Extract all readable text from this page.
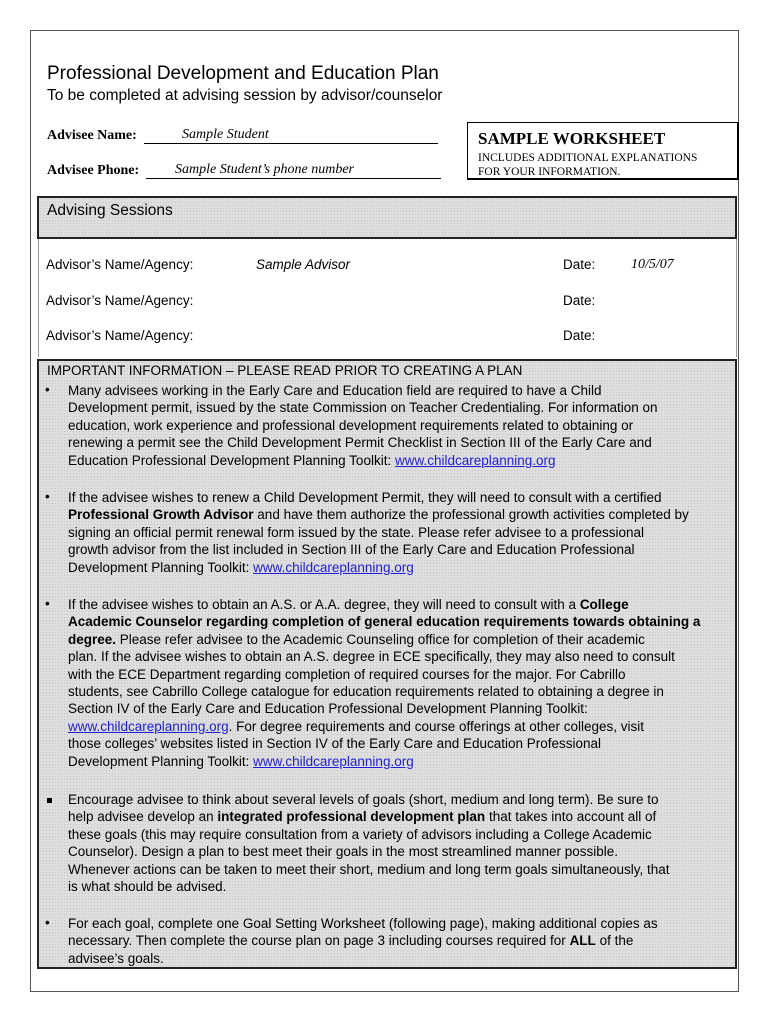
Professional Development and Education Plan
To be completed at advising session by advisor/counselor
Advisee Name:	Sample Student
Advisee Phone:	Sample Student’s phone number
SAMPLE WORKSHEET
INCLUDES ADDITIONAL EXPLANATIONS
FOR YOUR INFORMATION.
Advising Sessions
Advisor’s Name/Agency:	Sample Advisor	Date:	10/5/07
Advisor’s Name/Agency:	Date:
Advisor’s Name/Agency:	Date:
IMPORTANT INFORMATION – PLEASE READ PRIOR TO CREATING A PLAN
• Many advisees working in the Early Care and Education field are required to have a Child
Development permit, issued by the state Commission on Teacher Credentialing. For information on
education, work experience and professional development requirements related to obtaining or
renewing a permit see the Child Development Permit Checklist in Section III of the Early Care and
Education Professional Development Planning Toolkit: www.childcareplanning.org
• If the advisee wishes to renew a Child Development Permit, they will need to consult with a certified
Professional Growth Advisor and have them authorize the professional growth activities completed by
signing an official permit renewal form issued by the state. Please refer advisee to a professional
growth advisor from the list included in Section III of the Early Care and Education Professional
Development Planning Toolkit: www.childcareplanning.org
• If the advisee wishes to obtain an A.S. or A.A. degree, they will need to consult with a College
Academic Counselor regarding completion of general education requirements towards obtaining a
degree. Please refer advisee to the Academic Counseling office for completion of their academic
plan. If the advisee wishes to obtain an A.S. degree in ECE specifically, they may also need to consult
with the ECE Department regarding completion of required courses for the major. For Cabrillo
students, see Cabrillo College catalogue for education requirements related to obtaining a degree in
Section IV of the Early Care and Education Professional Development Planning Toolkit:
www.childcareplanning.org. For degree requirements and course offerings at other colleges, visit
those colleges’ websites listed in Section IV of the Early Care and Education Professional
Development Planning Toolkit: www.childcareplanning.org
Encourage advisee to think about several levels of goals (short, medium and long term). Be sure to
help advisee develop an integrated professional development plan that takes into account all of
these goals (this may require consultation from a variety of advisors including a College Academic
Counselor). Design a plan to best meet their goals in the most streamlined manner possible.
Whenever actions can be taken to meet their short, medium and long term goals simultaneously, that
is what should be advised.
• For each goal, complete one Goal Setting Worksheet (following page), making additional copies as
necessary. Then complete the course plan on page 3 including courses required for ALL of the
advisee’s goals.
